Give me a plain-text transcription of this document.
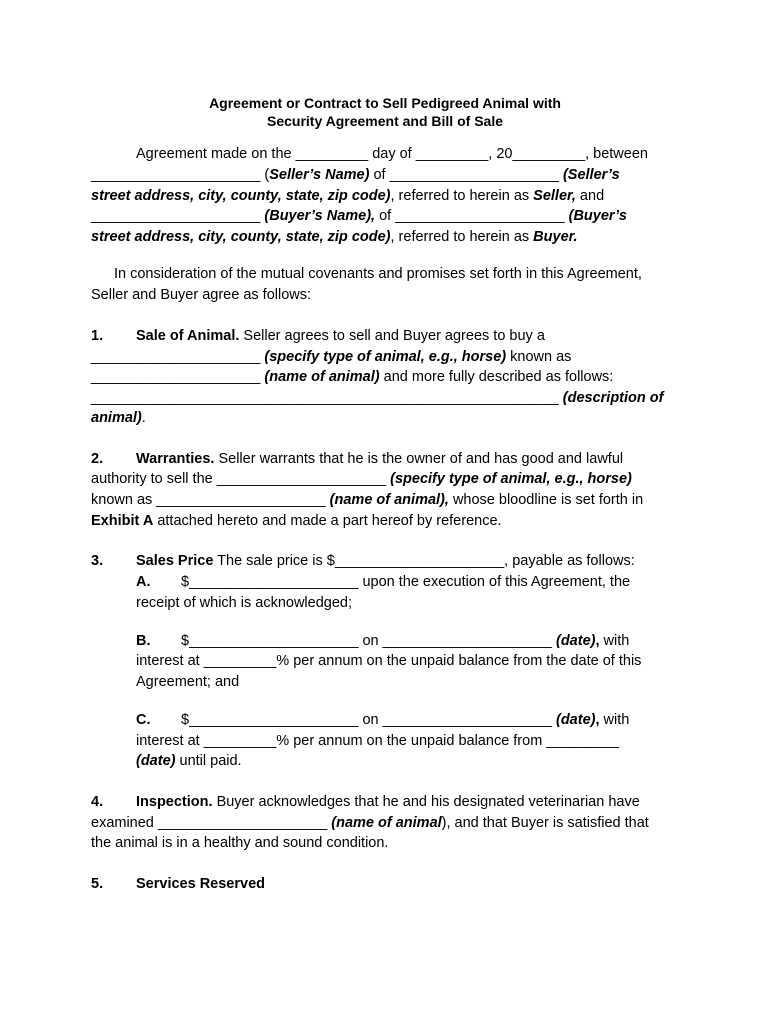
Agreement or Contract to Sell Pedigreed Animal with
Security Agreement and Bill of Sale
Agreement made on the _________ day of _________, 20_________, between
_____________________ (Seller’s Name) of _____________________ (Seller’s
street address, city, county, state, zip code), referred to herein as Seller, and
_____________________ (Buyer’s Name), of _____________________ (Buyer’s
street address, city, county, state, zip code), referred to herein as Buyer.
In consideration of the mutual covenants and promises set forth in this Agreement,
Seller and Buyer agree as follows:
1. Sale of Animal. Seller agrees to sell and Buyer agrees to buy a
_____________________ (specify type of animal, e.g., horse) known as
_____________________ (name of animal) and more fully described as follows:
__________________________________________________________ (description of
animal).
2. Warranties. Seller warrants that he is the owner of and has good and lawful
authority to sell the _____________________ (specify type of animal, e.g., horse)
known as _____________________ (name of animal), whose bloodline is set forth in
Exhibit A attached hereto and made a part hereof by reference.
3. Sales Price The sale price is $_____________________, payable as follows:
A. $_____________________ upon the execution of this Agreement, the
receipt of which is acknowledged;
B. $_____________________ on _____________________ (date), with
interest at _________% per annum on the unpaid balance from the date of this
Agreement; and
C. $_____________________ on _____________________ (date), with
interest at _________% per annum on the unpaid balance from _________
(date) until paid.
4. Inspection. Buyer acknowledges that he and his designated veterinarian have
examined _____________________ (name of animal), and that Buyer is satisfied that
the animal is in a healthy and sound condition.
5. Services Reserved
